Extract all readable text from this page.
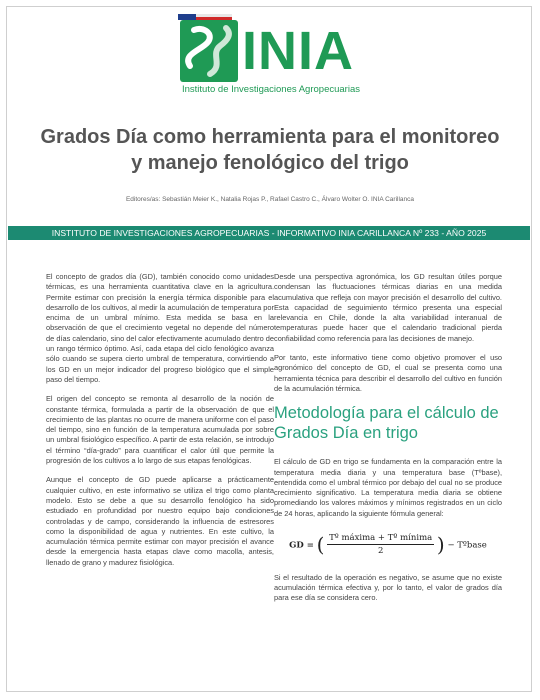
INIA
Instituto de Investigaciones Agropecuarias
Grados Día como herramienta para el monitoreo y manejo fenológico del trigo
Editores/as: Sebastián Meier K., Natalia Rojas P., Rafael Castro C., Álvaro Wolter O. INIA Carillanca
INSTITUTO DE INVESTIGACIONES AGROPECUARIAS - INFORMATIVO INIA CARILLANCA Nº 233 - AÑO 2025

El concepto de grados día (GD), también conocido como unidades térmicas, es una herramienta cuantitativa clave en la agricultura. Permite estimar con precisión la energía térmica disponible para el desarrollo de los cultivos, al medir la acumulación de temperatura por encima de un umbral mínimo. Esta medida se basa en la observación de que el crecimiento vegetal no depende del número de días calendario, sino del calor efectivamente acumulado dentro de un rango térmico óptimo. Así, cada etapa del ciclo fenológico avanza sólo cuando se supera cierto umbral de temperatura, convirtiendo a los GD en un mejor indicador del progreso biológico que el simple paso del tiempo.

El origen del concepto se remonta al desarrollo de la noción de constante térmica, formulada a partir de la observación de que el crecimiento de las plantas no ocurre de manera uniforme con el paso del tiempo, sino en función de la temperatura acumulada por sobre un umbral fisiológico específico. A partir de esta relación, se introdujo el término “día-grado” para cuantificar el calor útil que permite la progresión de los cultivos a lo largo de sus etapas fenológicas.

Aunque el concepto de GD puede aplicarse a prácticamente cualquier cultivo, en este informativo se utiliza el trigo como planta modelo. Esto se debe a que su desarrollo fenológico ha sido estudiado en profundidad por nuestro equipo bajo condiciones controladas y de campo, considerando la influencia de estresores como la disponibilidad de agua y nutrientes. En este cultivo, la acumulación térmica permite estimar con mayor precisión el avance desde la emergencia hasta etapas clave como macolla, antesis, llenado de grano y madurez fisiológica.

Desde una perspectiva agronómica, los GD resultan útiles porque condensan las fluctuaciones térmicas diarias en una medida acumulativa que refleja con mayor precisión el desarrollo del cultivo. Esta capacidad de seguimiento térmico presenta una especial relevancia en Chile, donde la alta variabilidad interanual de temperaturas puede hacer que el calendario tradicional pierda confiabilidad como referencia para las decisiones de manejo.

Por tanto, este informativo tiene como objetivo promover el uso agronómico del concepto de GD, el cual se presenta como una herramienta técnica para describir el desarrollo del cultivo en función de la acumulación térmica.

Metodología para el cálculo de Grados Día en trigo

El cálculo de GD en trigo se fundamenta en la comparación entre la temperatura media diaria y una temperatura base (Tºbase), entendida como el umbral térmico por debajo del cual no se produce crecimiento significativo. La temperatura media diaria se obtiene promediando los valores máximos y mínimos registrados en un ciclo de 24 horas, aplicando la siguiente fórmula general:

GD = ( $\frac{\text{Tº máxima + Tº mínima}}{2}$ ) − Tºbase

Si el resultado de la operación es negativo, se asume que no existe acumulación térmica efectiva y, por lo tanto, el valor de grados día para ese día se considera cero.
